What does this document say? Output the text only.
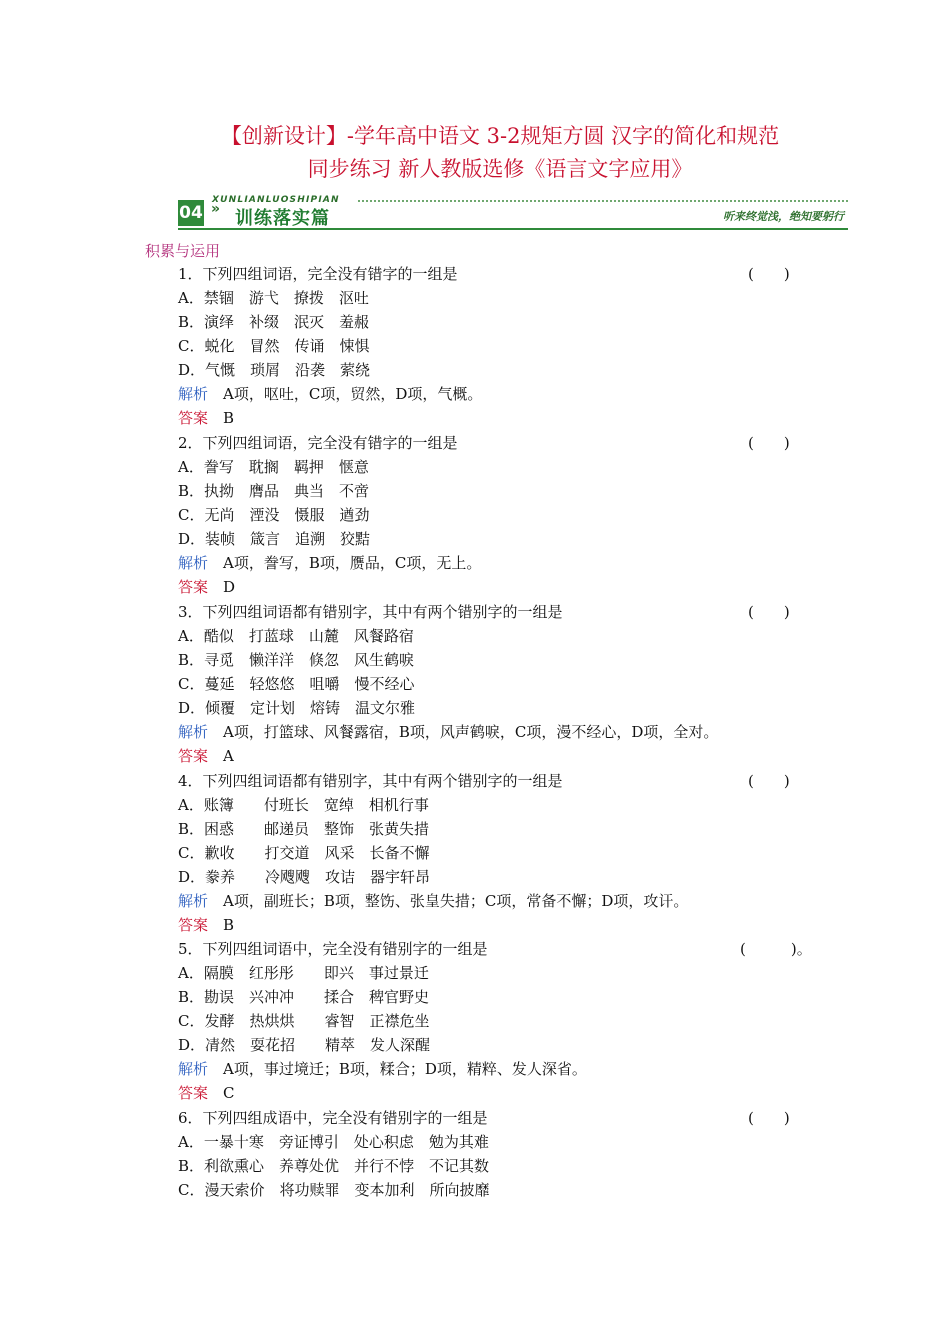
【创新设计】-学年高中语文 3-2规矩方圆 汉字的简化和规范
同步练习 新人教版选修《语言文字应用》
04
XUNLIANLUOSHIPIAN
» 训练落实篇	听来终觉浅，绝知要躬行
积累与运用
1．下列四组词语，完全没有错字的一组是	(　　)
A．禁锢　游弋　撩拨　沤吐
B．演绎　补缀　泯灭　羞赧
C．蜕化　冒然　传诵　悚惧
D．气慨　琐屑　沿袭　萦绕
解析　A项，呕吐，C项，贸然，D项，气概。
答案　B
2．下列四组词语，完全没有错字的一组是	(　　)
A．誊写　耽搁　羁押　惬意
B．执拗　膺品　典当　不啻
C．无尚　湮没　慑服　遒劲
D．装帧　箴言　追溯　狡黠
解析　A项，誊写，B项，赝品，C项，无上。
答案　D
3．下列四组词语都有错别字，其中有两个错别字的一组是	(　　)
A．酷似　打蓝球　山麓　风餐路宿
B．寻觅　懒洋洋　倏忽　风生鹤唳
C．蔓延　轻悠悠　咀嚼　慢不经心
D．倾覆　定计划　熔铸　温文尔雅
解析　A项，打篮球、风餐露宿，B项，风声鹤唳，C项，漫不经心，D项，全对。
答案　A
4．下列四组词语都有错别字，其中有两个错别字的一组是	(　　)
A．账簿　　付班长　宽绰　相机行事
B．困惑　　邮递员　整饰　张黄失措
C．歉收　　打交道　风采　长备不懈
D．豢养　　冷飕飕　攻诘　器宇轩昂
解析　A项，副班长；B项，整饬、张皇失措；C项，常备不懈；D项，攻讦。
答案　B
5．下列四组词语中，完全没有错别字的一组是	(　　　)。
A．隔膜　红彤彤　　即兴　事过景迁
B．勘误　兴冲冲　　揉合　稗官野史
C．发酵　热烘烘　　睿智　正襟危坐
D．凊然　耍花招　　精萃　发人深醒
解析　A项，事过境迁；B项，糅合；D项，精粹、发人深省。
答案　C
6．下列四组成语中，完全没有错别字的一组是	(　　)
A．一暴十寒　旁证博引　处心积虑　勉为其难
B．利欲熏心　养尊处优　并行不悖　不记其数
C．漫天索价　将功赎罪　变本加利　所向披靡
